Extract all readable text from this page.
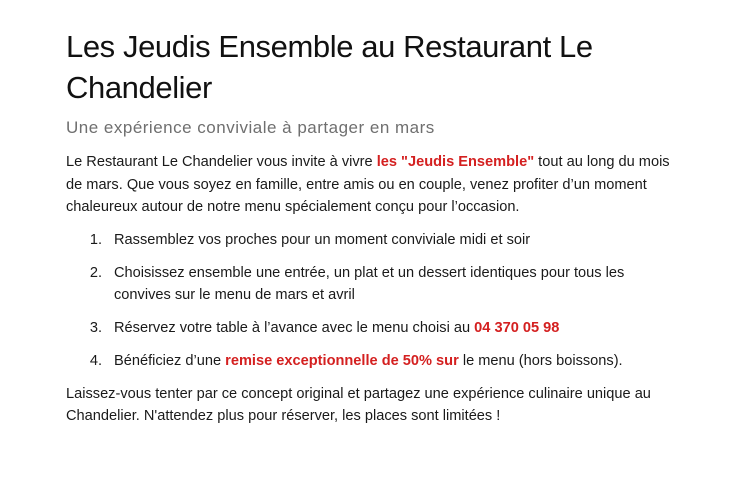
Les Jeudis Ensemble au Restaurant Le Chandelier
Une expérience conviviale à partager en mars

Le Restaurant Le Chandelier vous invite à vivre les "Jeudis Ensemble" tout au long du mois de mars. Que vous soyez en famille, entre amis ou en couple, venez profiter d’un moment chaleureux autour de notre menu spécialement conçu pour l’occasion.

1. Rassemblez vos proches pour un moment conviviale midi et soir
2. Choisissez ensemble une entrée, un plat et un dessert identiques pour tous les convives sur le menu de mars et avril
3. Réservez votre table à l’avance avec le menu choisi au 04 370 05 98
4. Bénéficiez d’une remise exceptionnelle de 50% sur le menu (hors boissons).

Laissez-vous tenter par ce concept original et partagez une expérience culinaire unique au Chandelier. N'attendez plus pour réserver, les places sont limitées !
